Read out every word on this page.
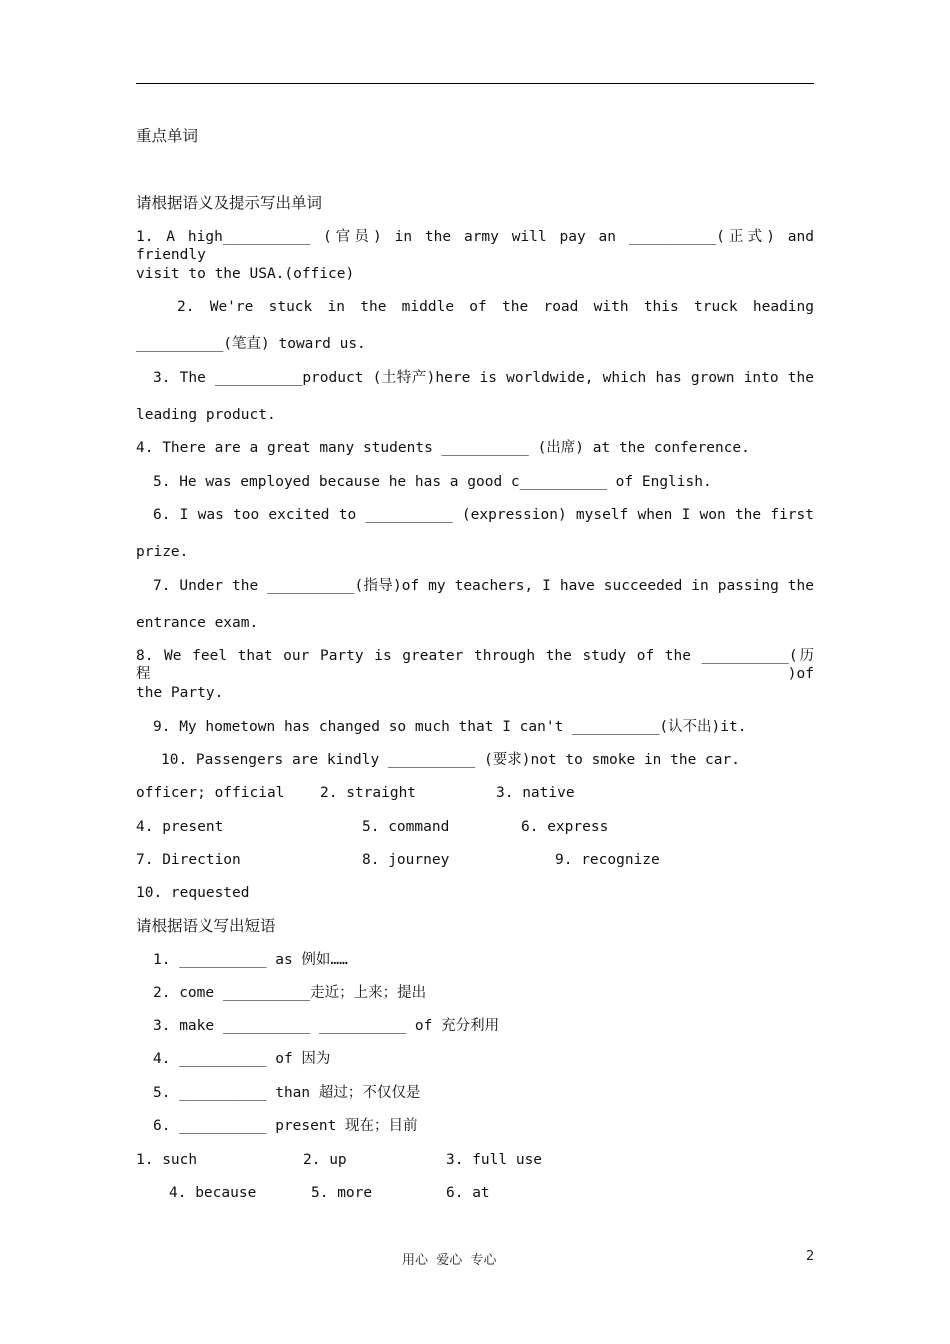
重点单词
请根据语义及提示写出单词
1. A high__________ (官员) in the army will pay an __________(正式) and friendly
visit to the USA.(office)
2. We're stuck in the middle of the road with this truck heading
__________(笔直) toward us.
3. The __________product (土特产)here is worldwide, which has grown into the
leading product.
4. There are a great many students __________ (出席) at the conference.
5. He was employed because he has a good c__________ of English.
6. I was too excited to __________ (expression) myself when I won the first
prize.
7. Under the __________(指导)of my teachers, I have succeeded in passing the
entrance exam.
8. We feel that our Party is greater through the study of the __________(历程)of
the Party.
9. My hometown has changed so much that I can't __________(认不出)it.
10. Passengers are kindly __________ (要求)not to smoke in the car.
officer; official 2. straight	3. native
4. present	5. command	6. express
7. Direction	8. journey	9. recognize
10. requested
请根据语义写出短语
1. __________ as 例如……
2. come __________走近；上来；提出
3. make __________ __________ of 充分利用
4. __________ of 因为
5. __________ than 超过；不仅仅是
6. __________ present 现在；目前
1. such	2. up	3. full use
4. because	5. more	6. at
用心  爱心  专心	2
